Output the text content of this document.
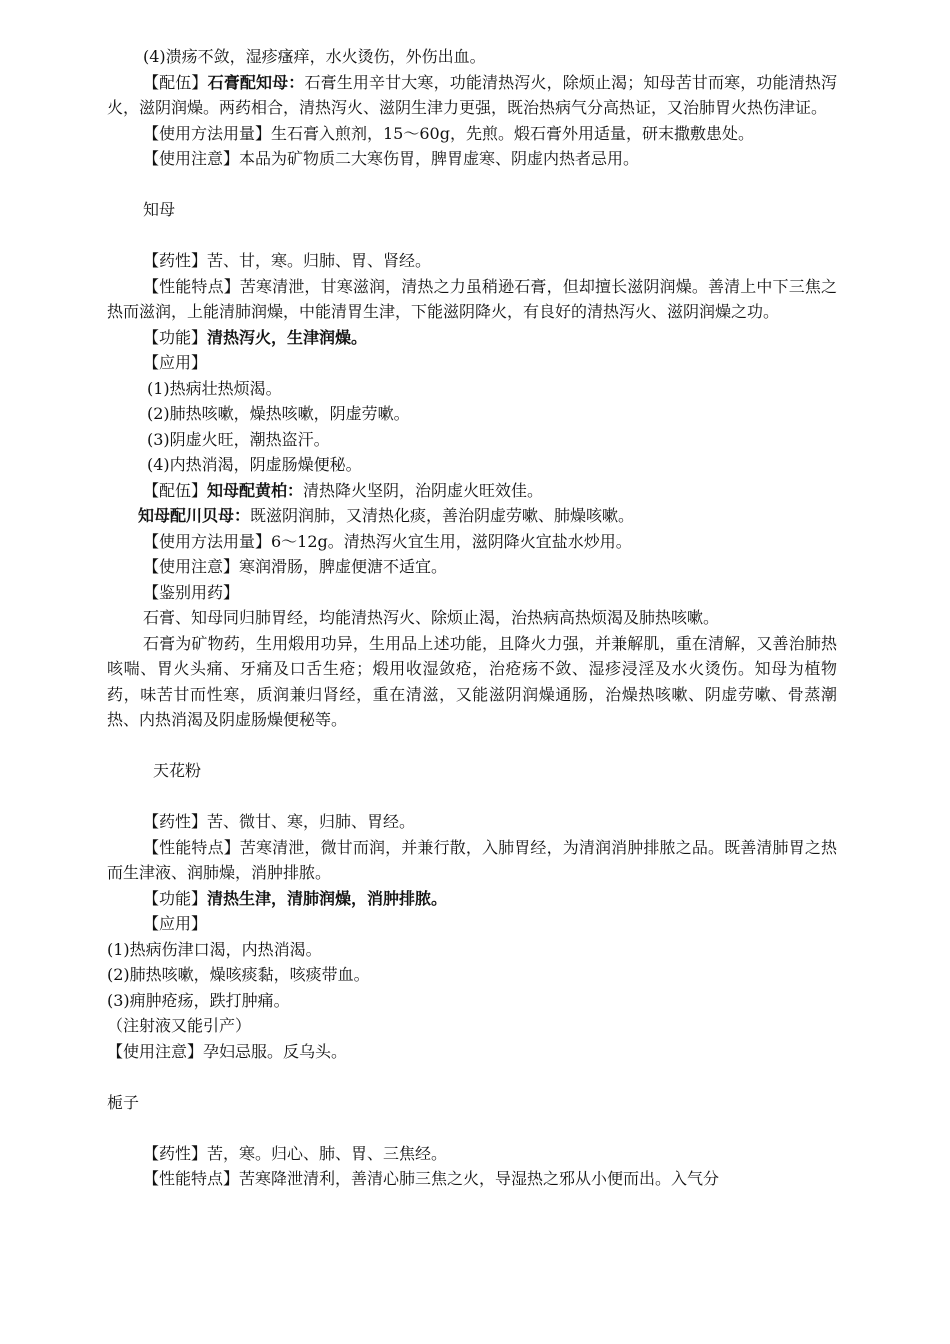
(4)溃疡不敛，湿疹瘙痒，水火烫伤，外伤出血。

【配伍】石膏配知母：石膏生用辛甘大寒，功能清热泻火，除烦止渴；知母苦甘而寒，功能清热泻火，滋阴润燥。两药相合，清热泻火、滋阴生津力更强，既治热病气分高热证，又治肺胃火热伤津证。

【使用方法用量】生石膏入煎剂，15～60g，先煎。煅石膏外用适量，研末撒敷患处。

【使用注意】本品为矿物质二大寒伤胃，脾胃虚寒、阴虚内热者忌用。

知母

【药性】苦、甘，寒。归肺、胃、肾经。

【性能特点】苦寒清泄，甘寒滋润，清热之力虽稍逊石膏，但却擅长滋阴润燥。善清上中下三焦之热而滋润，上能清肺润燥，中能清胃生津，下能滋阴降火，有良好的清热泻火、滋阴润燥之功。

【功能】清热泻火，生津润燥。

【应用】

(1)热病壮热烦渴。

(2)肺热咳嗽，燥热咳嗽，阴虚劳嗽。

(3)阴虚火旺，潮热盗汗。

(4)内热消渴，阴虚肠燥便秘。

【配伍】知母配黄柏：清热降火坚阴，治阴虚火旺效佳。

知母配川贝母：既滋阴润肺，又清热化痰，善治阴虚劳嗽、肺燥咳嗽。

【使用方法用量】6～12g。清热泻火宜生用，滋阴降火宜盐水炒用。

【使用注意】寒润滑肠，脾虚便溏不适宜。

【鉴别用药】

石膏、知母同归肺胃经，均能清热泻火、除烦止渴，治热病高热烦渴及肺热咳嗽。

石膏为矿物药，生用煅用功异，生用品上述功能，且降火力强，并兼解肌，重在清解，又善治肺热咳喘、胃火头痛、牙痛及口舌生疮；煅用收湿敛疮，治疮疡不敛、湿疹浸淫及水火烫伤。知母为植物药，味苦甘而性寒，质润兼归肾经，重在清滋，又能滋阴润燥通肠，治燥热咳嗽、阴虚劳嗽、骨蒸潮热、内热消渴及阴虚肠燥便秘等。

天花粉

【药性】苦、微甘、寒，归肺、胃经。

【性能特点】苦寒清泄，微甘而润，并兼行散，入肺胃经，为清润消肿排脓之品。既善清肺胃之热而生津液、润肺燥，消肿排脓。

【功能】清热生津，清肺润燥，消肿排脓。

【应用】

(1)热病伤津口渴，内热消渴。

(2)肺热咳嗽，燥咳痰黏，咳痰带血。

(3)痈肿疮疡，跌打肿痛。

（注射液又能引产）

【使用注意】孕妇忌服。反乌头。

栀子

【药性】苦，寒。归心、肺、胃、三焦经。

【性能特点】苦寒降泄清利，善清心肺三焦之火，导湿热之邪从小便而出。入气分
